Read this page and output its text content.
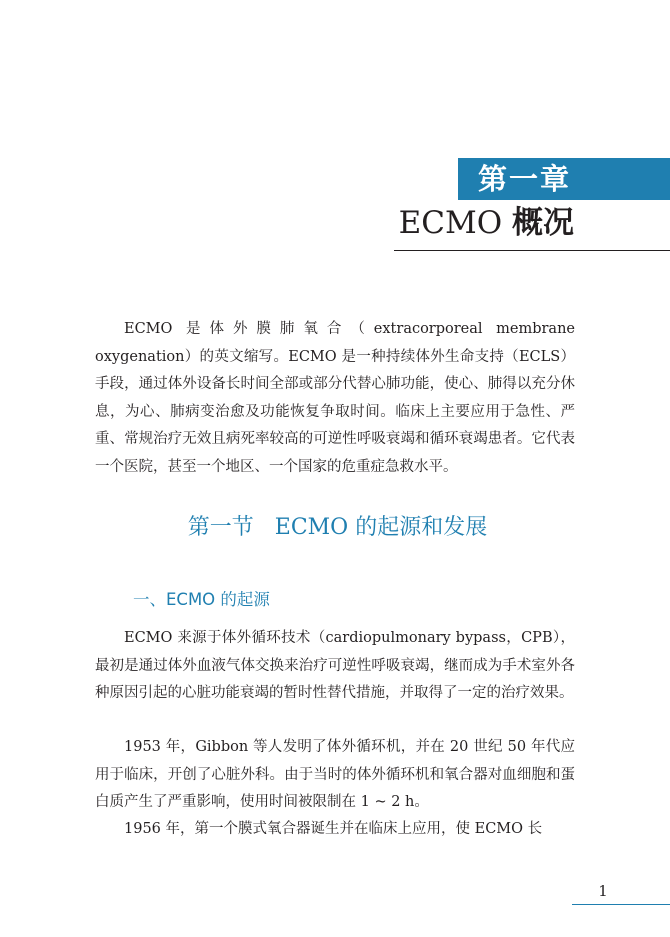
第一章
ECMO 概况

ECMO 是体外膜肺氧合（extracorporeal membrane oxygenation）的英文缩写。ECMO 是一种持续体外生命支持（ECLS）手段，通过体外设备长时间全部或部分代替心肺功能，使心、肺得以充分休息，为心、肺病变治愈及功能恢复争取时间。临床上主要应用于急性、严重、常规治疗无效且病死率较高的可逆性呼吸衰竭和循环衰竭患者。它代表一个医院，甚至一个地区、一个国家的危重症急救水平。

第一节 ECMO 的起源和发展
一、ECMO 的起源

ECMO 来源于体外循环技术（cardiopulmonary bypass，CPB），最初是通过体外血液气体交换来治疗可逆性呼吸衰竭，继而成为手术室外各种原因引起的心脏功能衰竭的暂时性替代措施，并取得了一定的治疗效果。

1953 年，Gibbon 等人发明了体外循环机，并在 20 世纪 50 年代应用于临床，开创了心脏外科。由于当时的体外循环机和氧合器对血细胞和蛋白质产生了严重影响，使用时间被限制在 1 ~ 2 h。

1956 年，第一个膜式氧合器诞生并在临床上应用，使 ECMO 长

1
